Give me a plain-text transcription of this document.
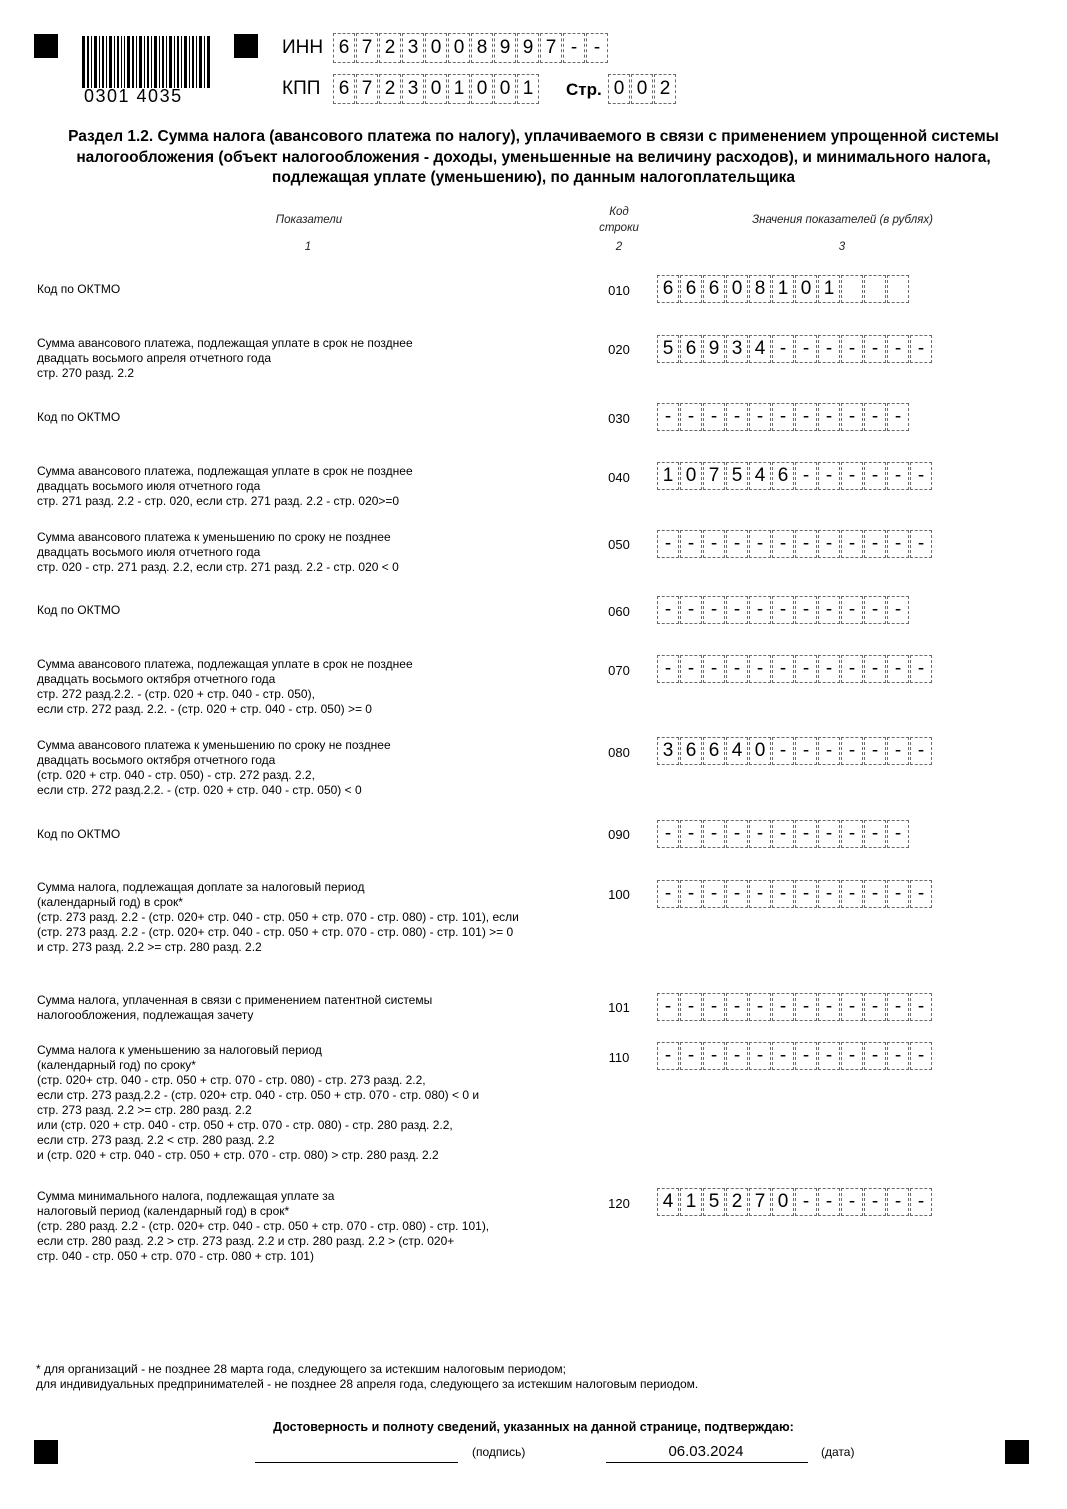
0301 4035
ИНН 6 7 2 3 0 0 8 9 9 7 - -
КПП 6 7 2 3 0 1 0 0 1	Стр. 0 0 2
Раздел 1.2. Сумма налога (авансового платежа по налогу), уплачиваемого в связи с применением упрощенной системы налогообложения (объект налогообложения - доходы, уменьшенные на величину расходов), и минимального налога, подлежащая уплате (уменьшению), по данным налогоплательщика
Показатели
1
Код
строки
2
Значения показателей (в рублях)
3
Код по ОКТМО	010	6 6 6 0 8 1 0 1
Сумма авансового платежа, подлежащая уплате в срок не позднее
двадцать восьмого апреля отчетного года
стр. 270 разд. 2.2
020	5 6 9 3 4 - - - - - - -
Код по ОКТМО	030	- - - - - - - - - - -
Сумма авансового платежа, подлежащая уплате в срок не позднее
двадцать восьмого июля отчетного года
стр. 271 разд. 2.2 - стр. 020, если стр. 271 разд. 2.2 - стр. 020>=0
040	1 0 7 5 4 6 - - - - - -
Сумма авансового платежа к уменьшению по сроку не позднее
двадцать восьмого июля отчетного года
стр. 020 - стр. 271 разд. 2.2, если стр. 271 разд. 2.2 - стр. 020 < 0
050	- - - - - - - - - - - -
Код по ОКТМО	060	- - - - - - - - - - -
Сумма авансового платежа, подлежащая уплате в срок не позднее
двадцать восьмого октября отчетного года
стр. 272 разд.2.2. - (стр. 020 + стр. 040 - стр. 050),
если стр. 272 разд. 2.2. - (стр. 020 + стр. 040 - стр. 050) >= 0
070	- - - - - - - - - - - -
Сумма авансового платежа к уменьшению по сроку не позднее
двадцать восьмого октября отчетного года
(стр. 020 + стр. 040 - стр. 050) - стр. 272 разд. 2.2,
если стр. 272 разд.2.2. - (стр. 020 + стр. 040 - стр. 050) < 0
080	3 6 6 4 0 - - - - - - -
Код по ОКТМО	090	- - - - - - - - - - -
Сумма налога, подлежащая доплате за налоговый период
(календарный год) в срок*
(стр. 273 разд. 2.2 - (стр. 020+ стр. 040 - стр. 050 + стр. 070 - стр. 080) - стр. 101), если
(стр. 273 разд. 2.2 - (стр. 020+ стр. 040 - стр. 050 + стр. 070 - стр. 080) - стр. 101) >= 0
и стр. 273 разд. 2.2 >= стр. 280 разд. 2.2
100	- - - - - - - - - - - -
Сумма налога, уплаченная в связи с применением патентной системы
налогообложения, подлежащая зачету	101	- - - - - - - - - - - -
Сумма налога к уменьшению за налоговый период
(календарный год) по сроку*
(стр. 020+ стр. 040 - стр. 050 + стр. 070 - стр. 080) - стр. 273 разд. 2.2,
если стр. 273 разд.2.2 - (стр. 020+ стр. 040 - стр. 050 + стр. 070 - стр. 080) < 0 и
стр. 273 разд. 2.2 >= стр. 280 разд. 2.2
или (стр. 020 + стр. 040 - стр. 050 + стр. 070 - стр. 080) - стр. 280 разд. 2.2,
если стр. 273 разд. 2.2 < стр. 280 разд. 2.2
и (стр. 020 + стр. 040 - стр. 050 + стр. 070 - стр. 080) > стр. 280 разд. 2.2
110	- - - - - - - - - - - -
Сумма минимального налога, подлежащая уплате за
налоговый период (календарный год) в срок*
(стр. 280 разд. 2.2 - (стр. 020+ стр. 040 - стр. 050 + стр. 070 - стр. 080) - стр. 101),
если стр. 280 разд. 2.2 > стр. 273 разд. 2.2 и стр. 280 разд. 2.2 > (стр. 020+
стр. 040 - стр. 050 + стр. 070 - стр. 080 + стр. 101)
120	4 1 5 2 7 0 - - - - - -
* для организаций - не позднее 28 марта года, следующего за истекшим налоговым периодом;
для индивидуальных предпринимателей - не позднее 28 апреля года, следующего за истекшим налоговым периодом.
Достоверность и полноту сведений, указанных на данной странице, подтверждаю:
(подпись)	06.03.2024	(дата)
